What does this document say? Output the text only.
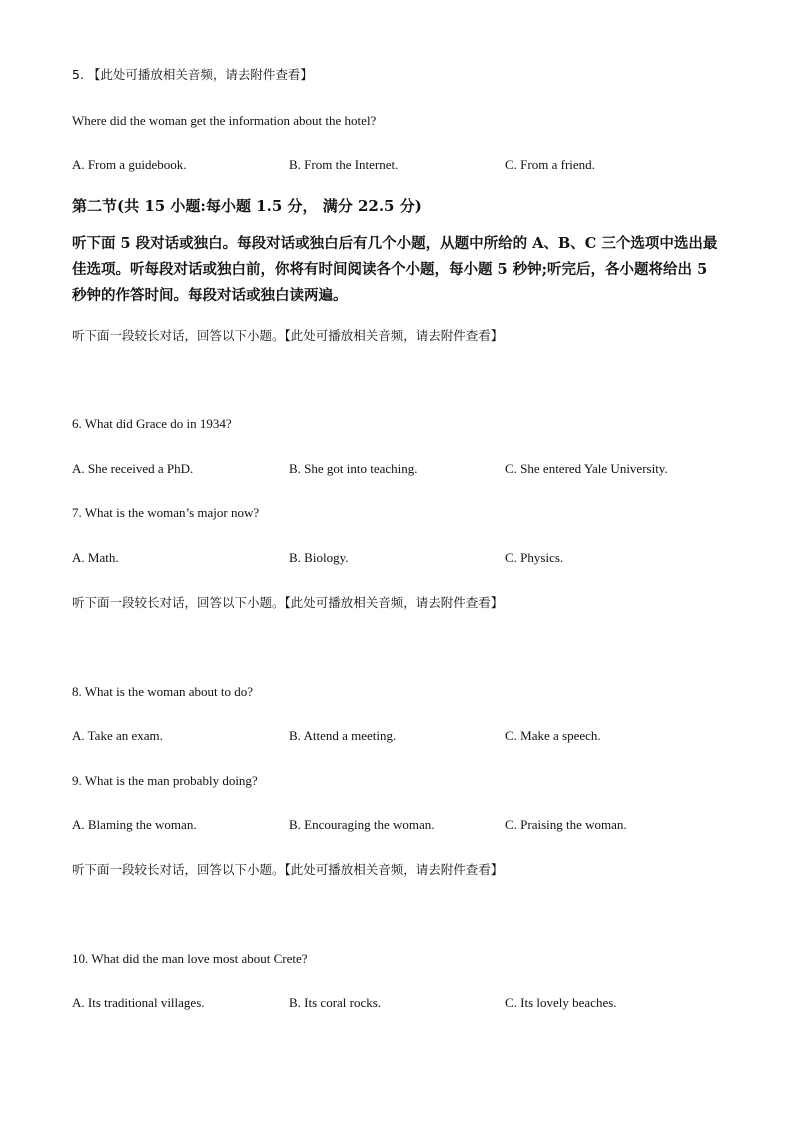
5. 【此处可播放相关音频，请去附件查看】
Where did the woman get the information about the hotel?
A. From a guidebook.	B. From the Internet.	C. From a friend.
第二节(共 15 小题:每小题 1.5 分， 满分 22.5 分)
听下面 5 段对话或独白。每段对话或独白后有几个小题，从题中所给的 A、B、C 三个选项中选出最佳选项。听每段对话或独白前，你将有时间阅读各个小题，每小题 5 秒钟;听完后，各小题将给出 5 秒钟的作答时间。每段对话或独白读两遍。
听下面一段较长对话，回答以下小题。【此处可播放相关音频，请去附件查看】
6. What did Grace do in 1934?
A. She received a PhD.	B. She got into teaching.	C. She entered Yale University.
7. What is the woman’s major now?
A. Math.	B. Biology.	C. Physics.
听下面一段较长对话，回答以下小题。【此处可播放相关音频，请去附件查看】
8. What is the woman about to do?
A. Take an exam.	B. Attend a meeting.	C. Make a speech.
9. What is the man probably doing?
A. Blaming the woman.	B. Encouraging the woman.	C. Praising the woman.
听下面一段较长对话，回答以下小题。【此处可播放相关音频，请去附件查看】
10. What did the man love most about Crete?
A. Its traditional villages.	B. Its coral rocks.	C. Its lovely beaches.
